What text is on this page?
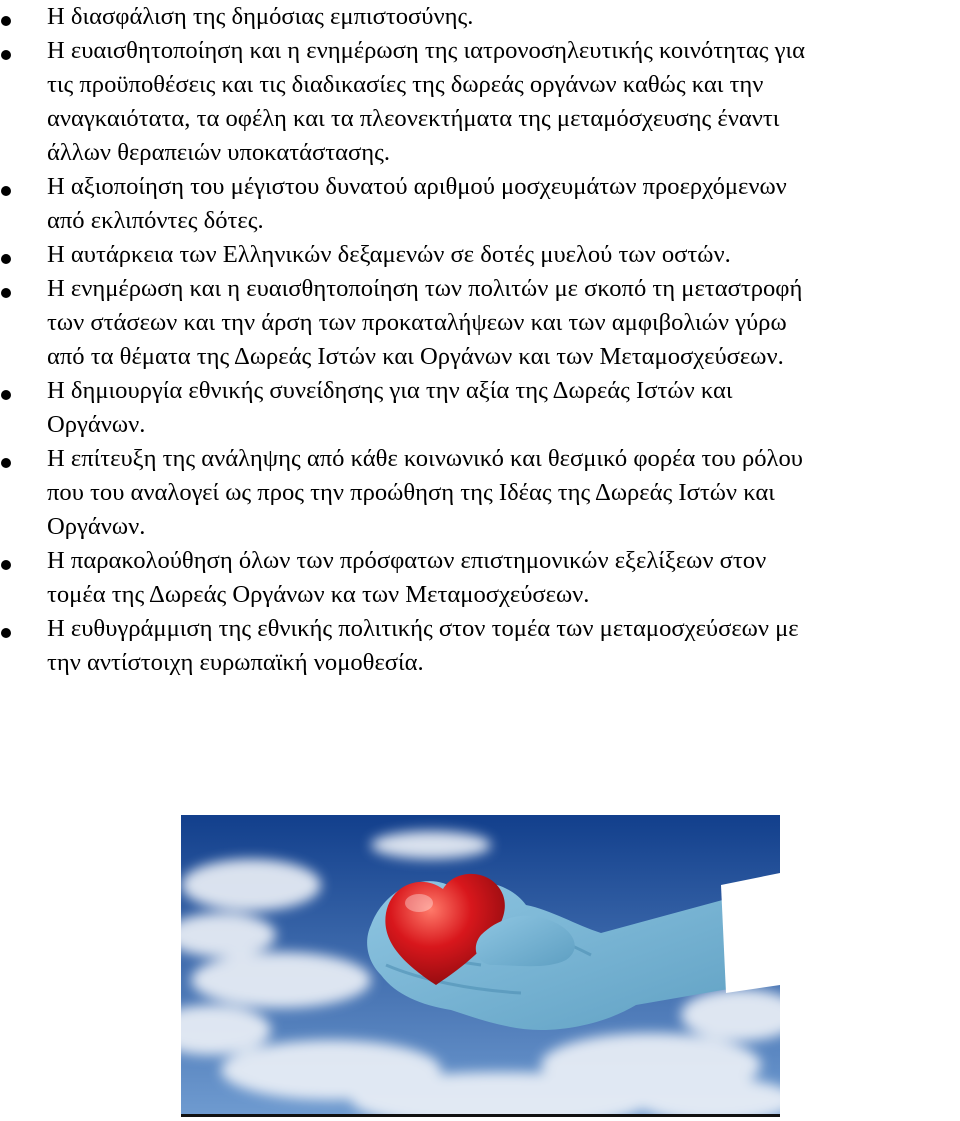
Η διασφάλιση της δημόσιας εμπιστοσύνης.
Η ευαισθητοποίηση και η ενημέρωση της ιατρονοσηλευτικής κοινότητας για
τις προϋποθέσεις και τις διαδικασίες της δωρεάς οργάνων καθώς και την
αναγκαιότατα, τα οφέλη και τα πλεονεκτήματα της μεταμόσχευσης έναντι
άλλων θεραπειών υποκατάστασης.
Η αξιοποίηση του μέγιστου δυνατού αριθμού μοσχευμάτων προερχόμενων
από εκλιπόντες δότες.
Η αυτάρκεια των Ελληνικών δεξαμενών σε δοτές μυελού των οστών.
Η ενημέρωση και η ευαισθητοποίηση των πολιτών με σκοπό τη μεταστροφή
των στάσεων και την άρση των προκαταλήψεων και των αμφιβολιών γύρω
από τα θέματα της Δωρεάς Ιστών και Οργάνων και των Μεταμοσχεύσεων.
Η δημιουργία εθνικής συνείδησης για την αξία της Δωρεάς Ιστών και
Οργάνων.
Η επίτευξη της ανάληψης από κάθε κοινωνικό και θεσμικό φορέα του ρόλου
που του αναλογεί ως προς την προώθηση της Ιδέας της Δωρεάς Ιστών και
Οργάνων.
Η παρακολούθηση όλων των πρόσφατων επιστημονικών εξελίξεων στον
τομέα της Δωρεάς Οργάνων κα των Μεταμοσχεύσεων.
Η ευθυγράμμιση της εθνικής πολιτικής στον τομέα των μεταμοσχεύσεων με
την αντίστοιχη ευρωπαϊκή νομοθεσία.
